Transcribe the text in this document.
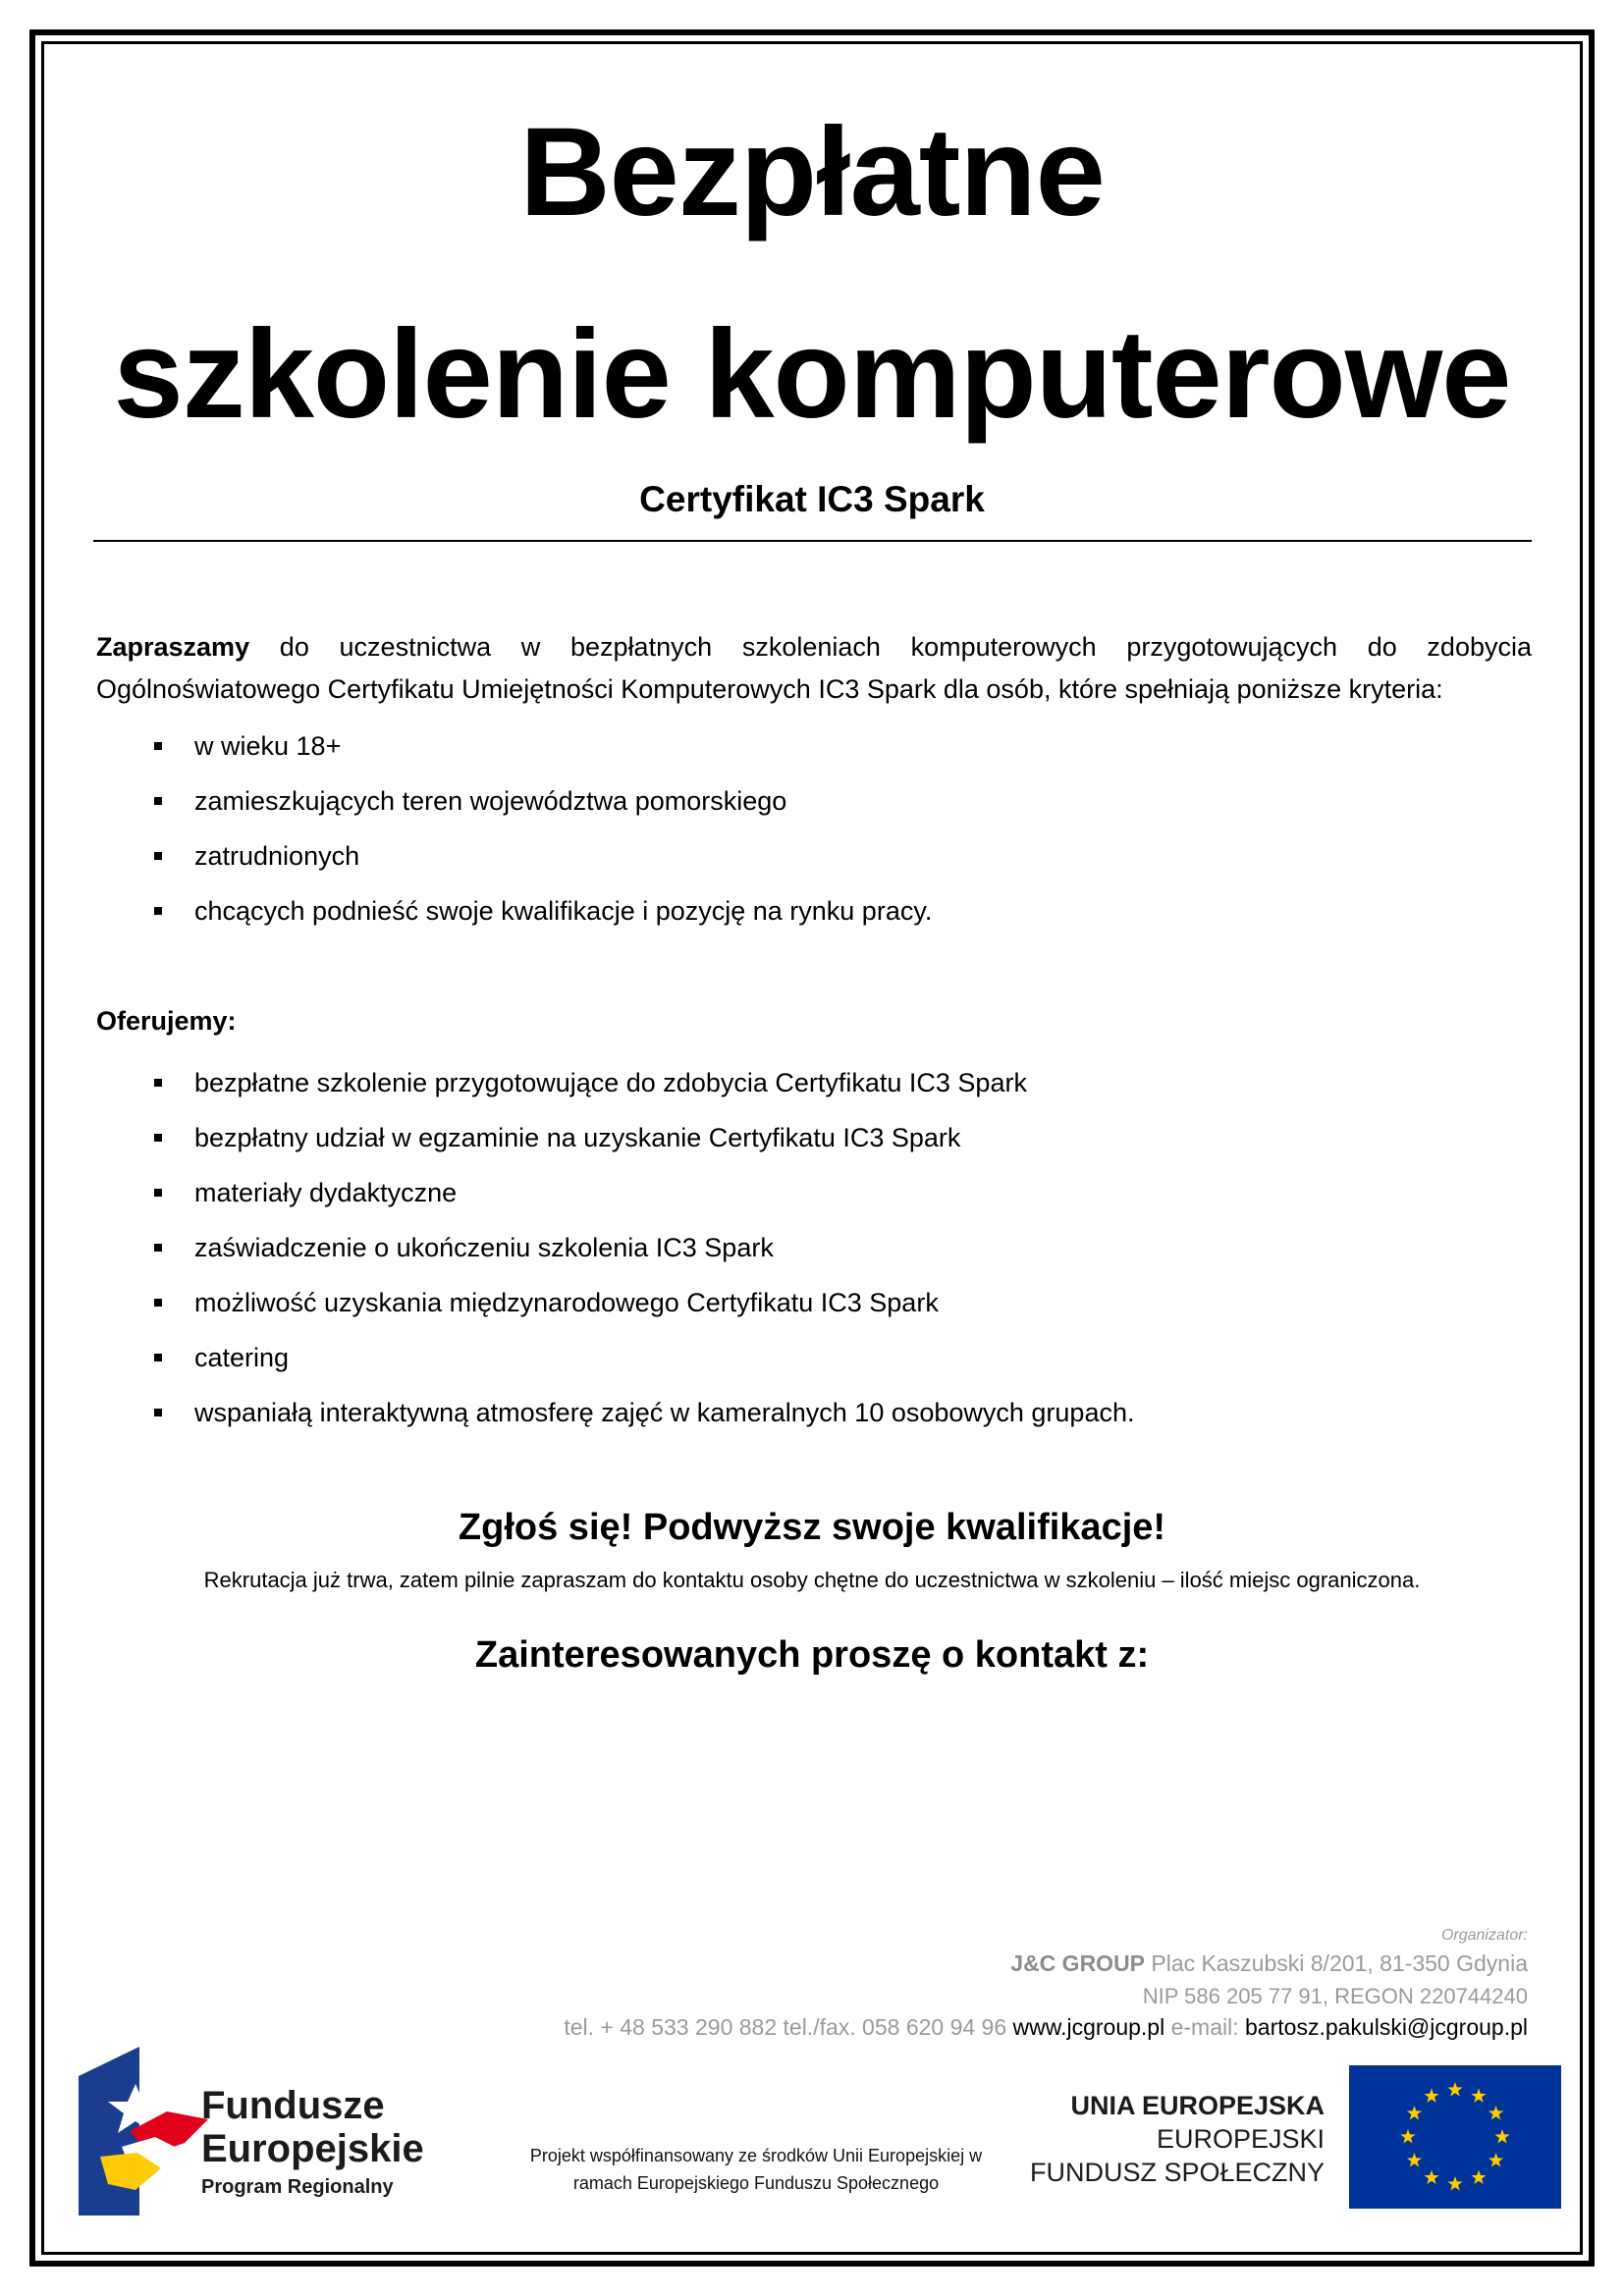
Bezpłatne
szkolenie komputerowe
Certyfikat IC3 Spark
Zapraszamy do uczestnictwa w bezpłatnych szkoleniach komputerowych przygotowujących do zdobycia Ogólnoświatowego Certyfikatu Umiejętności Komputerowych IC3 Spark dla osób, które spełniają poniższe kryteria:
w wieku 18+
zamieszkujących teren województwa pomorskiego
zatrudnionych
chcących podnieść swoje kwalifikacje i pozycję na rynku pracy.
Oferujemy:
bezpłatne szkolenie przygotowujące do zdobycia Certyfikatu IC3 Spark
bezpłatny udział w egzaminie na uzyskanie Certyfikatu IC3 Spark
materiały dydaktyczne
zaświadczenie o ukończeniu szkolenia IC3 Spark
możliwość uzyskania międzynarodowego Certyfikatu IC3 Spark
catering
wspaniałą interaktywną atmosferę zajęć w kameralnych 10 osobowych grupach.
Zgłoś się! Podwyższ swoje kwalifikacje!
Rekrutacja już trwa, zatem pilnie zapraszam do kontaktu osoby chętne do uczestnictwa w szkoleniu – ilość miejsc ograniczona.
Zainteresowanych proszę o kontakt z:
Organizator:
J&C GROUP Plac Kaszubski 8/201, 81-350 Gdynia
NIP 586 205 77 91, REGON 220744240
tel. + 48 533 290 882 tel./fax. 058 620 94 96 www.jcgroup.pl e-mail: bartosz.pakulski@jcgroup.pl
Fundusze
Europejskie
Program Regionalny
Projekt współfinansowany ze środków Unii Europejskiej w
ramach Europejskiego Funduszu Społecznego
UNIA EUROPEJSKA
EUROPEJSKI
FUNDUSZ SPOŁECZNY
